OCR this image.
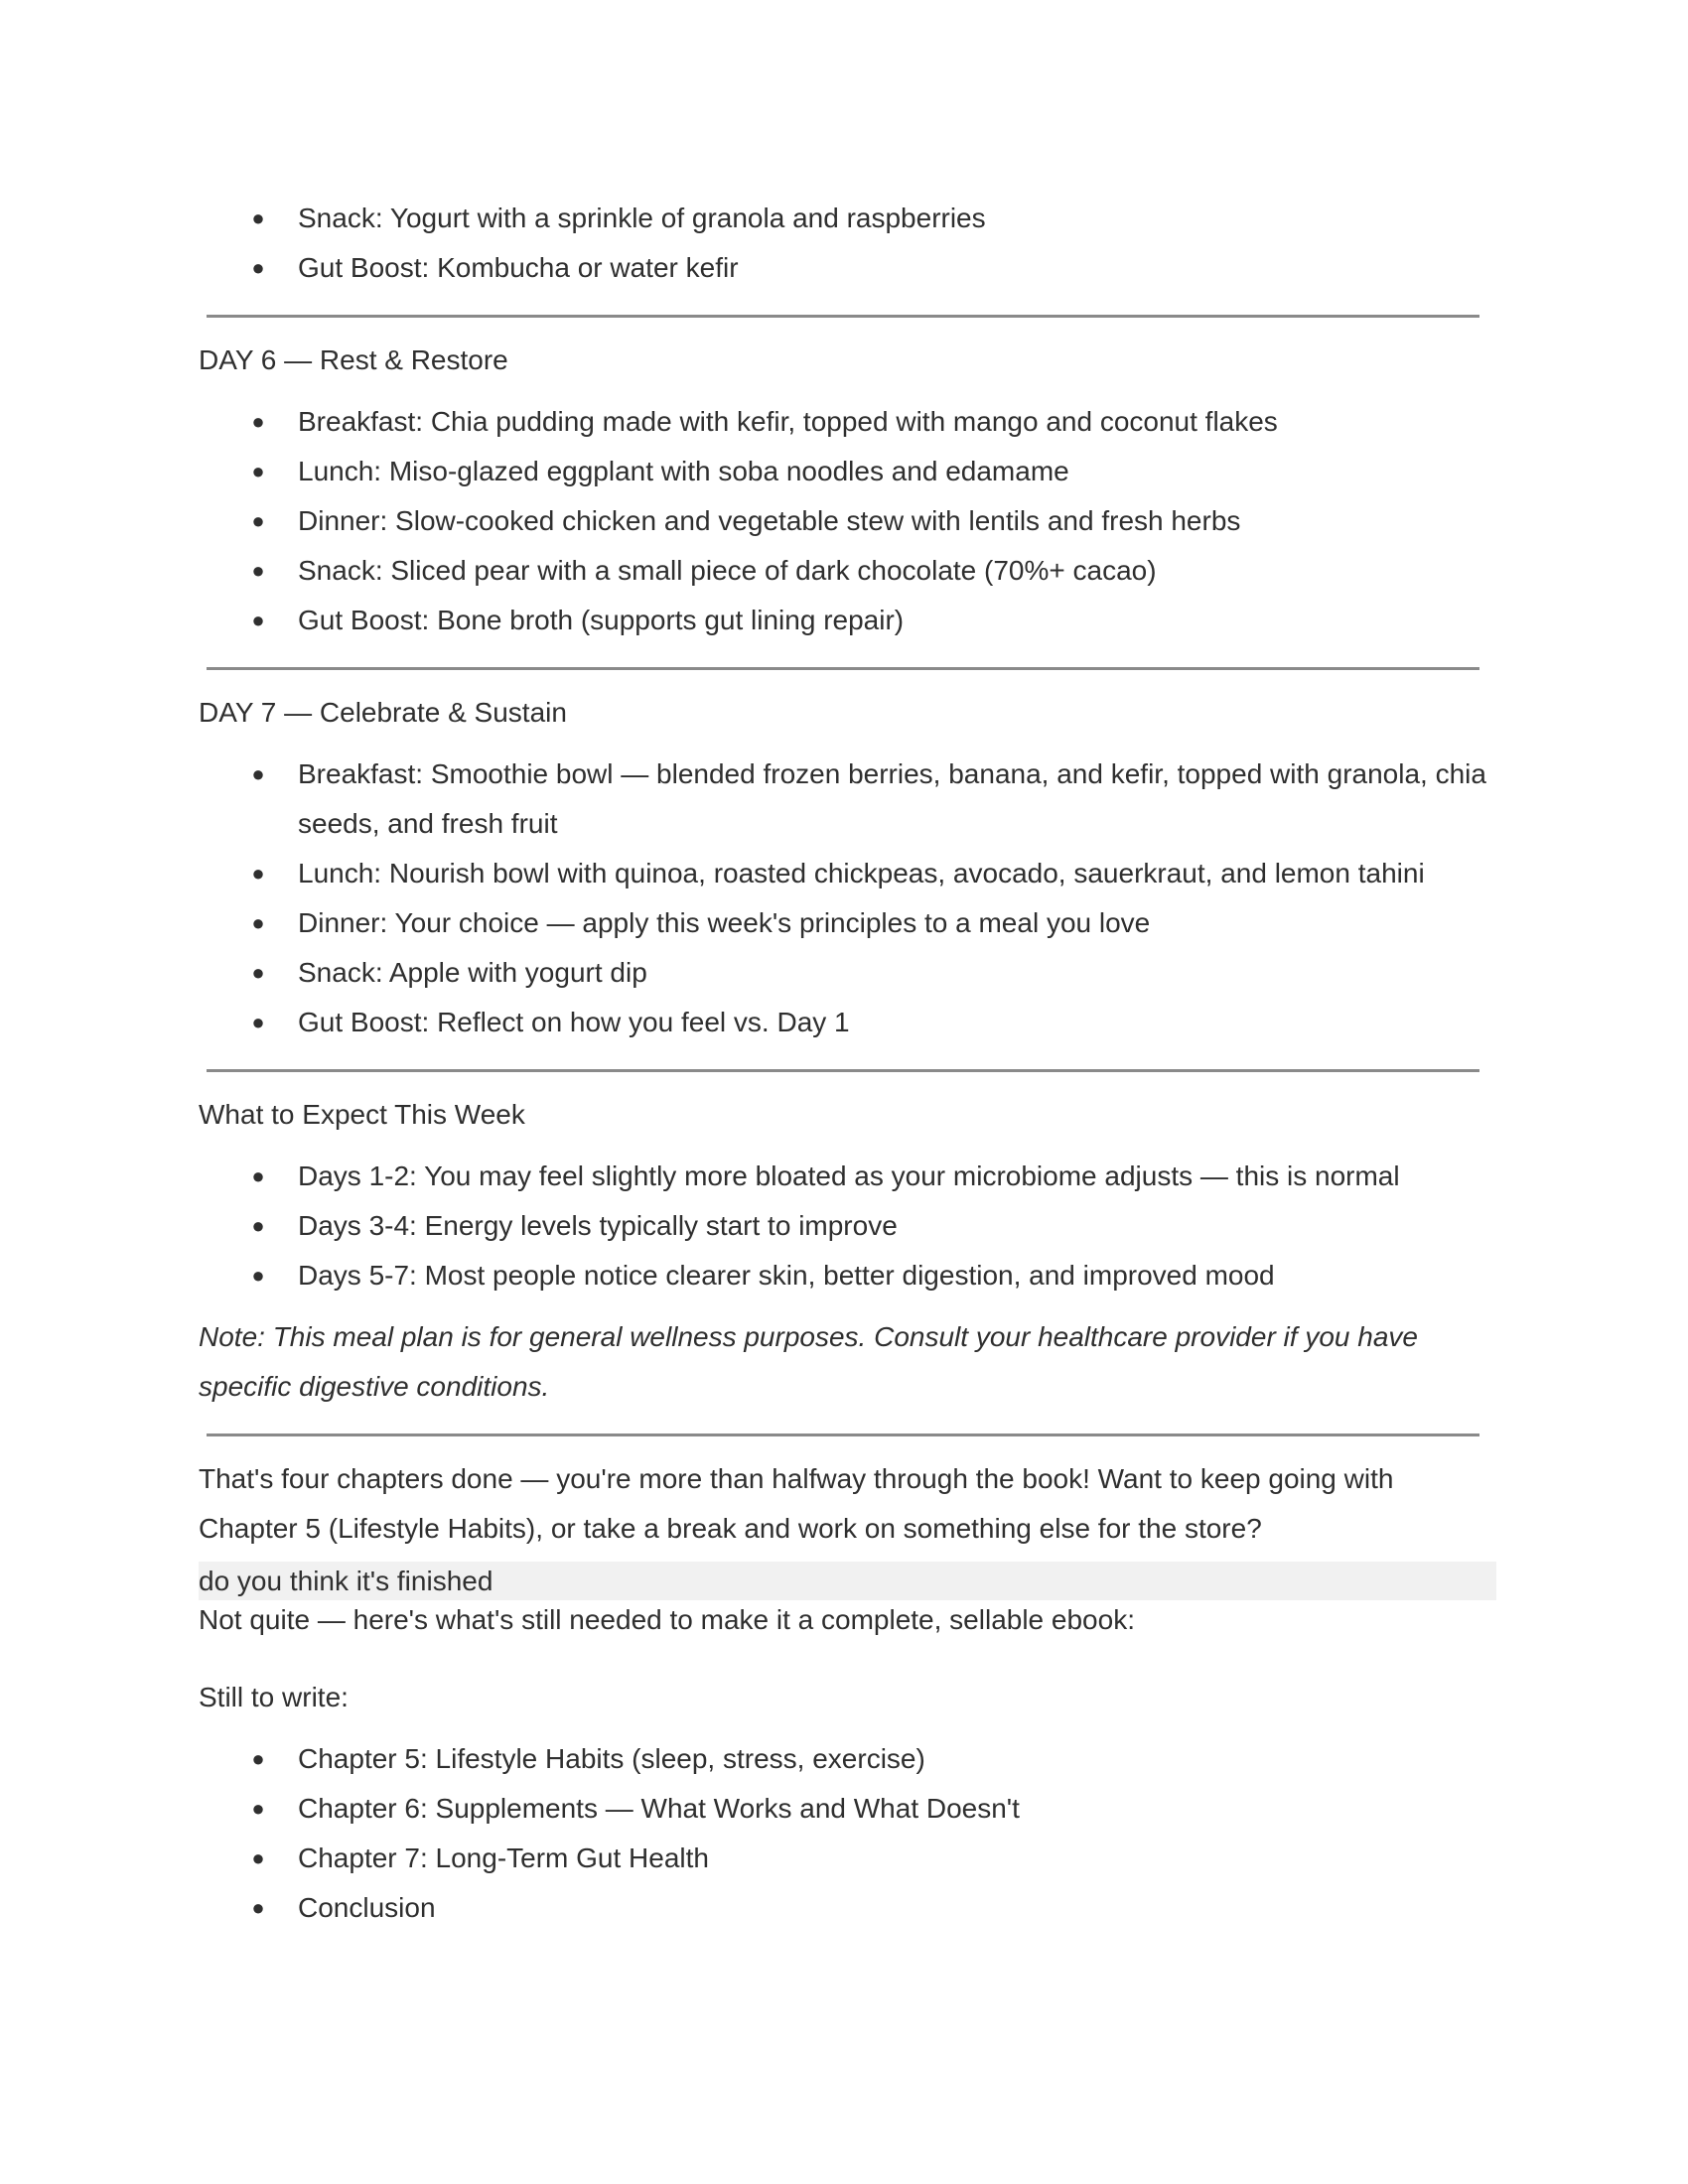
● Snack: Yogurt with a sprinkle of granola and raspberries
● Gut Boost: Kombucha or water kefir

DAY 6 — Rest & Restore

● Breakfast: Chia pudding made with kefir, topped with mango and coconut flakes
● Lunch: Miso-glazed eggplant with soba noodles and edamame
● Dinner: Slow-cooked chicken and vegetable stew with lentils and fresh herbs
● Snack: Sliced pear with a small piece of dark chocolate (70%+ cacao)
● Gut Boost: Bone broth (supports gut lining repair)

DAY 7 — Celebrate & Sustain

● Breakfast: Smoothie bowl — blended frozen berries, banana, and kefir, topped with granola, chia seeds, and fresh fruit
● Lunch: Nourish bowl with quinoa, roasted chickpeas, avocado, sauerkraut, and lemon tahini
● Dinner: Your choice — apply this week's principles to a meal you love
● Snack: Apple with yogurt dip
● Gut Boost: Reflect on how you feel vs. Day 1

What to Expect This Week

● Days 1-2: You may feel slightly more bloated as your microbiome adjusts — this is normal
● Days 3-4: Energy levels typically start to improve
● Days 5-7: Most people notice clearer skin, better digestion, and improved mood

Note: This meal plan is for general wellness purposes. Consult your healthcare provider if you have specific digestive conditions.

That's four chapters done — you're more than halfway through the book! Want to keep going with Chapter 5 (Lifestyle Habits), or take a break and work on something else for the store?

do you think it's finished

Not quite — here's what's still needed to make it a complete, sellable ebook:

Still to write:

● Chapter 5: Lifestyle Habits (sleep, stress, exercise)
● Chapter 6: Supplements — What Works and What Doesn't
● Chapter 7: Long-Term Gut Health
● Conclusion
